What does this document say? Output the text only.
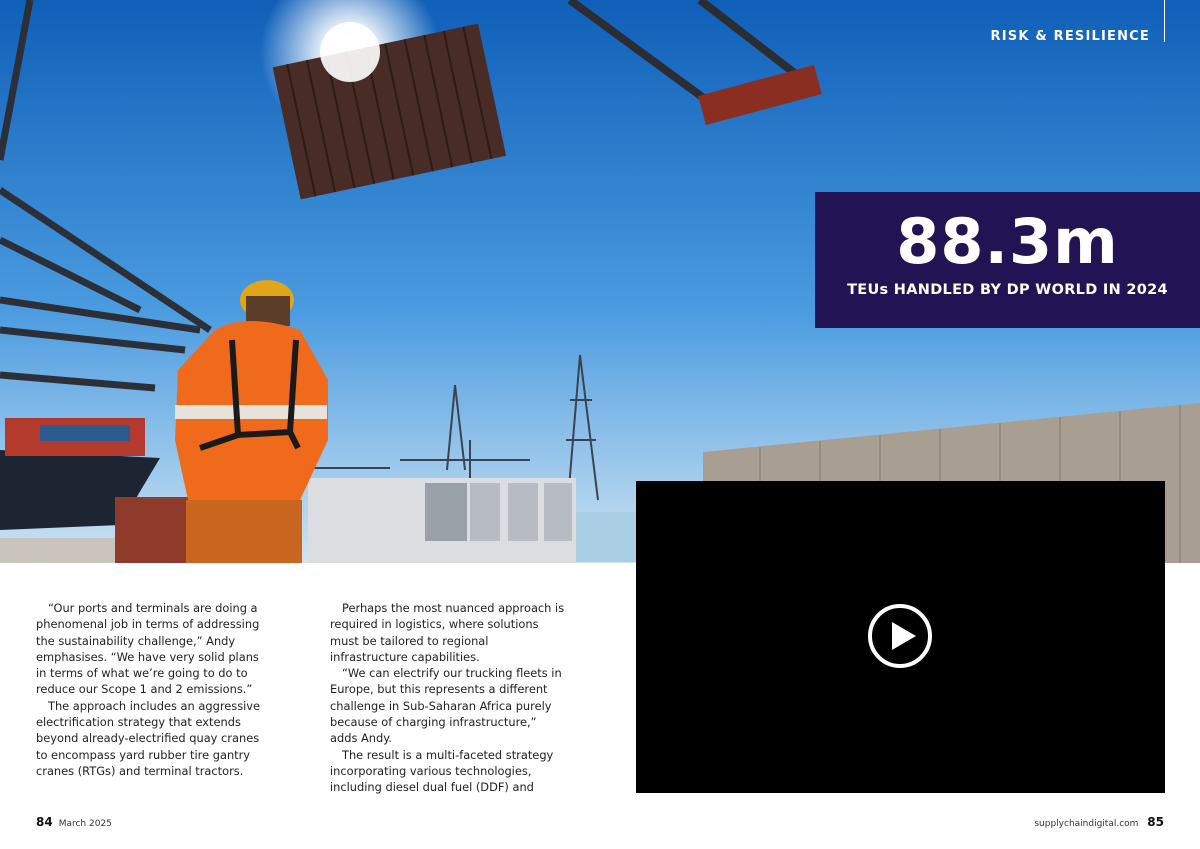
RISK & RESILIENCE
88.3m
TEUs HANDLED BY DP WORLD IN 2024

“Our ports and terminals are doing a phenomenal job in terms of addressing the sustainability challenge,” Andy emphasises. “We have very solid plans in terms of what we’re going to do to reduce our Scope 1 and 2 emissions.”

The approach includes an aggressive electrification strategy that extends beyond already-electrified quay cranes to encompass yard rubber tire gantry cranes (RTGs) and terminal tractors.

Perhaps the most nuanced approach is required in logistics, where solutions must be tailored to regional infrastructure capabilities.

“We can electrify our trucking fleets in Europe, but this represents a different challenge in Sub-Saharan Africa purely because of charging infrastructure,” adds Andy.

The result is a multi-faceted strategy incorporating various technologies, including diesel dual fuel (DDF) and

84 March 2025	supplychaindigital.com 85
